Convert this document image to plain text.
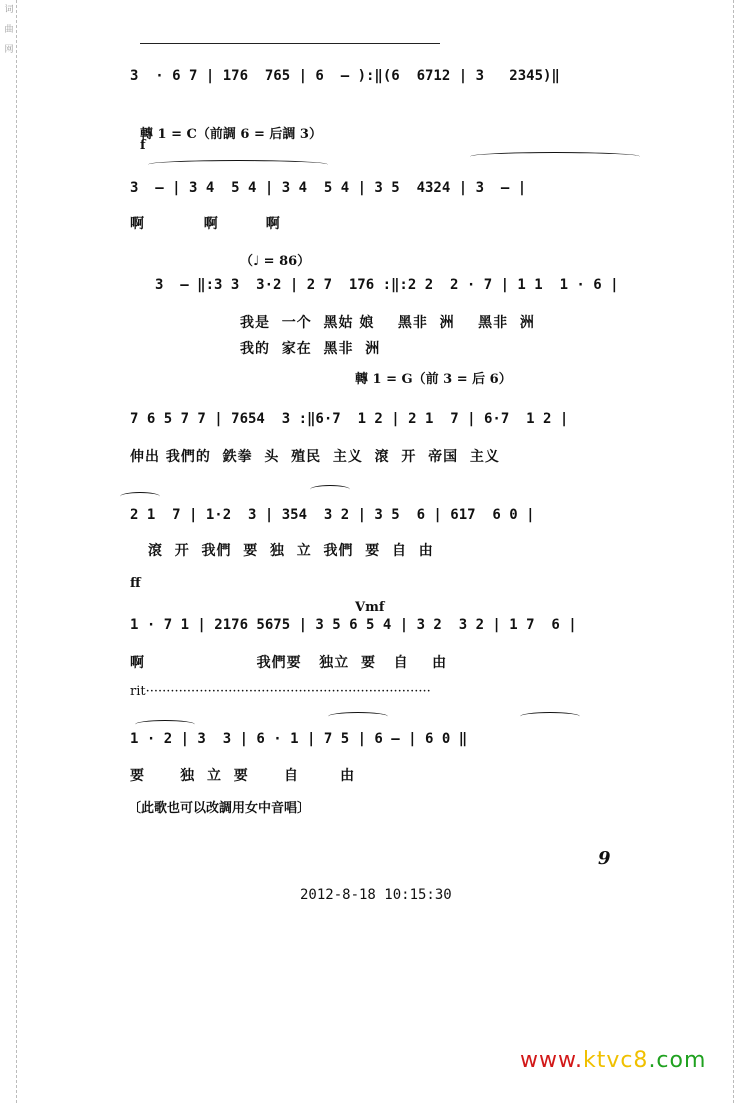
词
曲
网
3  · 6 7 | 176  765 | 6  — ):‖(6  6712 | 3   2345)‖
轉 1 = C（前調 6 = 后調 3）
f
3  — | 3 4  5 4 | 3 4  5 4 | 3 5  4324 | 3  — |
啊          啊        啊
（♩ = 86）
3  — ‖:3 3  3·2 | 2 7  176 :‖:2 2  2 · 7 | 1 1  1 · 6 |
我是  一个  黑姑 娘    黑非  洲    黑非  洲
我的  家在  黑非  洲
轉 1 = G（前 3 = 后 6）
7 6 5 7 7 | 7654  3 :‖6·7  1 2 | 2 1  7 | 6·7  1 2 |
伸出 我們的  鉄拳  头  殖民  主义  滾  开  帝国  主义
2 1  7 | 1·2  3 | 354  3 2 | 3 5  6 | 617  6 0 |
滾  开  我們  要  独  立  我們  要  自  由
ff
Vmf
1 · 7 1 | 2176 5675 | 3 5 6 5 4 | 3 2  3 2 | 1 7  6 |
啊                   我們要   独立  要   自    由
rit·····································································
1 · 2 | 3  3 | 6 · 1 | 7 5 | 6 — | 6 0 ‖
要      独  立  要      自       由
〔此歌也可以改調用女中音唱〕
9
2012-8-18 10:15:30
www.ktvc8.com
